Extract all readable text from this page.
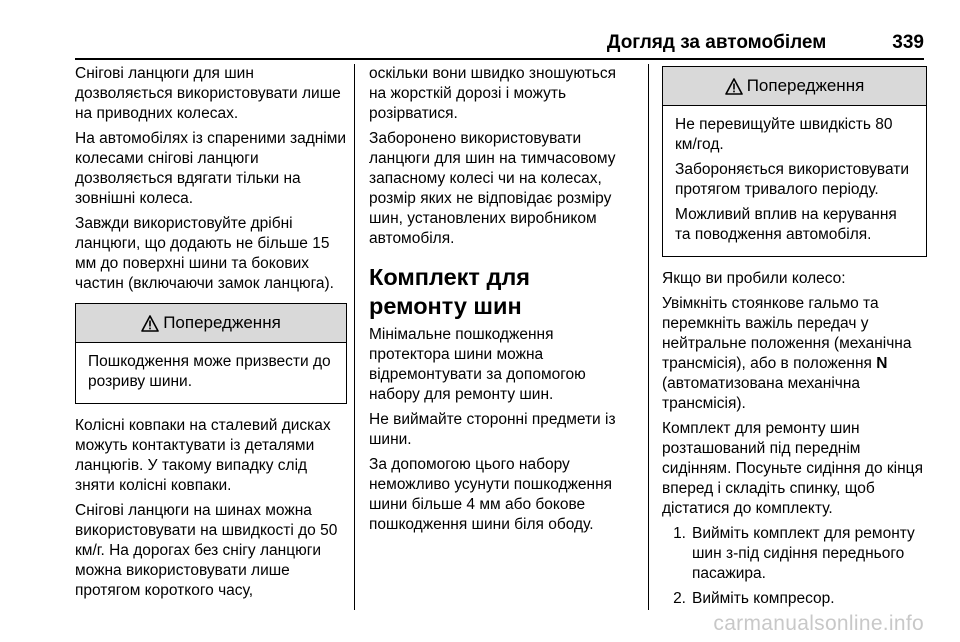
Догляд за автомобілем	339

Снігові ланцюги для шин дозволяється використовувати лише на приводних колесах.

На автомобілях із спареними задніми колесами снігові ланцюги дозволяється вдягати тільки на зовнішні колеса.

Завжди використовуйте дрібні ланцюги, що додають не більше 15 мм до поверхні шини та бокових частин (включаючи замок ланцюга).

Попередження

Пошкодження може призвести до розриву шини.

Колісні ковпаки на сталевий дисках можуть контактувати із деталями ланцюгів. У такому випадку слід зняти колісні ковпаки.

Снігові ланцюги на шинах можна використовувати на швидкості до 50 км/г. На дорогах без снігу ланцюги можна використовувати лише протягом короткого часу,

оскільки вони швидко зношуються на жорсткій дорозі і можуть розірватися.

Заборонено використовувати ланцюги для шин на тимчасовому запасному колесі чи на колесах, розмір яких не відповідає розміру шин, установлених виробником автомобіля.

Комплект для ремонту шин

Мінімальне пошкодження протектора шини можна відремонтувати за допомогою набору для ремонту шин.

Не виймайте сторонні предмети із шини.

За допомогою цього набору неможливо усунути пошкодження шини більше 4 мм або бокове пошкодження шини біля ободу.

Попередження

Не перевищуйте швидкість 80 км/год.

Забороняється використовувати протягом тривалого періоду.

Можливий вплив на керування та поводження автомобіля.

Якщо ви пробили колесо:

Увімкніть стоянкове гальмо та перемкніть важіль передач у нейтральне положення (механічна трансмісія), або в положення N (автоматизована механічна трансмісія).

Комплект для ремонту шин розташований під переднім сидінням. Посуньте сидіння до кінця вперед і складіть спинку, щоб дістатися до комплекту.

1. Вийміть комплект для ремонту шин з-під сидіння переднього пасажира.
2. Вийміть компресор.
carmanualsonline.info
